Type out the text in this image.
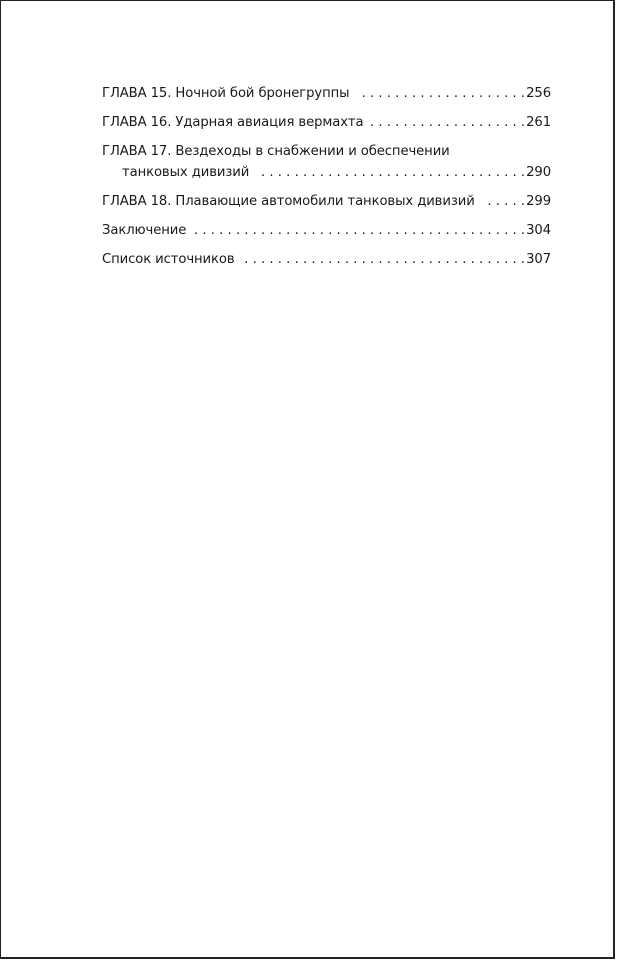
ГЛАВА 15. Ночной бой бронегруппы . . .	256
ГЛАВА 16. Ударная авиация вермахта . . .	261
ГЛАВА 17. Вездеходы в снабжении и обеспечении
танковых дивизий . . .	290
ГЛАВА 18. Плавающие автомобили танковых дивизий . . .	299
Заключение . . .	304
Список источников . . .	307
